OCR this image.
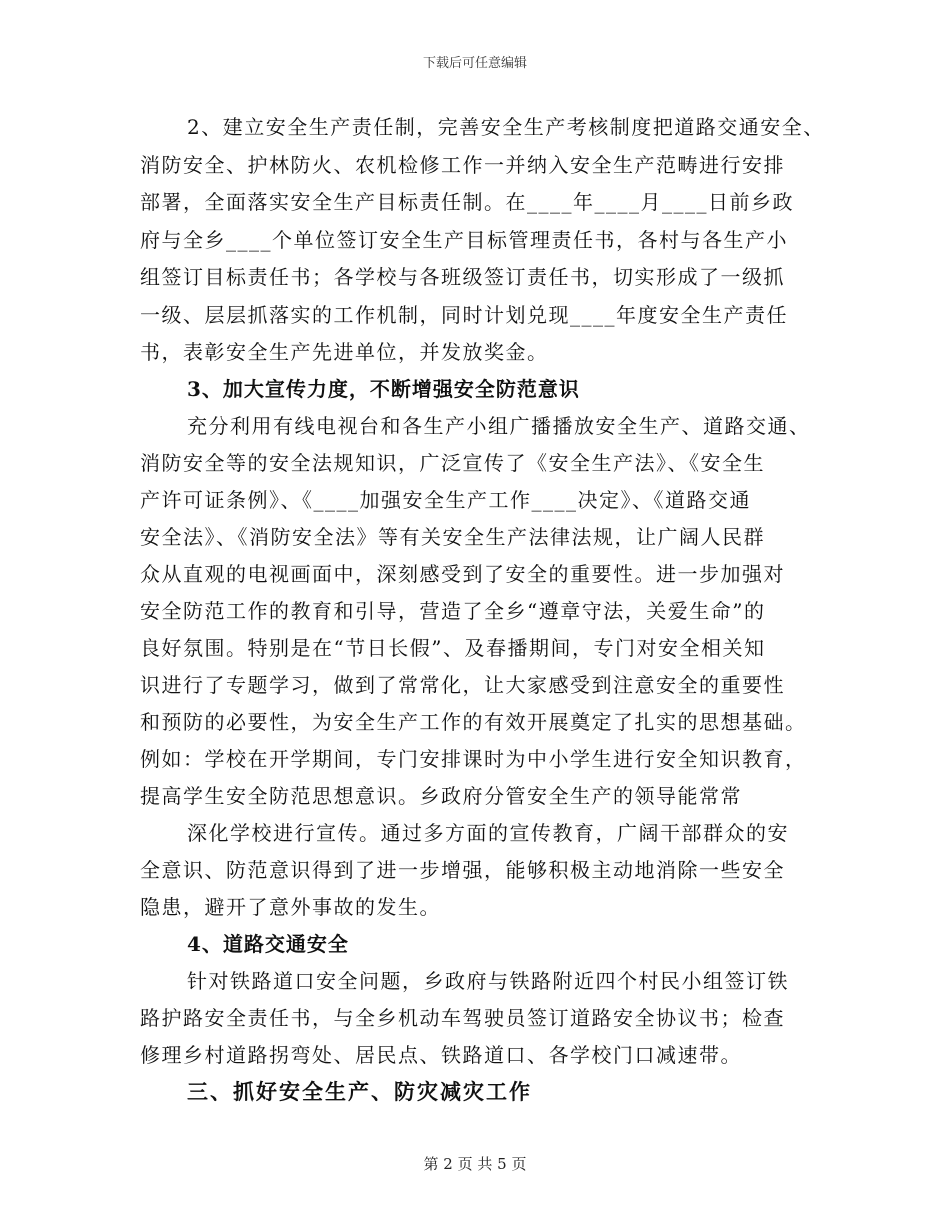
下载后可任意编辑
2、建立安全生产责任制，完善安全生产考核制度把道路交通安全、
消防安全、护林防火、农机检修工作一并纳入安全生产范畴进行安排
部署，全面落实安全生产目标责任制。在____年____月____日前乡政
府与全乡____个单位签订安全生产目标管理责任书，各村与各生产小
组签订目标责任书；各学校与各班级签订责任书，切实形成了一级抓
一级、层层抓落实的工作机制，同时计划兑现____年度安全生产责任
书，表彰安全生产先进单位，并发放奖金。
3、加大宣传力度，不断增强安全防范意识
充分利用有线电视台和各生产小组广播播放安全生产、道路交通、
消防安全等的安全法规知识，广泛宣传了《安全生产法》、《安全生
产许可证条例》、《____加强安全生产工作____决定》、《道路交通
安全法》、《消防安全法》等有关安全生产法律法规，让广阔人民群
众从直观的电视画面中，深刻感受到了安全的重要性。进一步加强对
安全防范工作的教育和引导，营造了全乡“遵章守法，关爱生命”的
良好氛围。特别是在“节日长假”、及春播期间，专门对安全相关知
识进行了专题学习，做到了常常化，让大家感受到注意安全的重要性
和预防的必要性，为安全生产工作的有效开展奠定了扎实的思想基础。
例如：学校在开学期间，专门安排课时为中小学生进行安全知识教育，
提高学生安全防范思想意识。乡政府分管安全生产的领导能常常
深化学校进行宣传。通过多方面的宣传教育，广阔干部群众的安
全意识、防范意识得到了进一步增强，能够积极主动地消除一些安全
隐患，避开了意外事故的发生。
4、道路交通安全
针对铁路道口安全问题，乡政府与铁路附近四个村民小组签订铁
路护路安全责任书，与全乡机动车驾驶员签订道路安全协议书；检查
修理乡村道路拐弯处、居民点、铁路道口、各学校门口减速带。
三、抓好安全生产、防灾减灾工作
第 2 页 共 5 页
